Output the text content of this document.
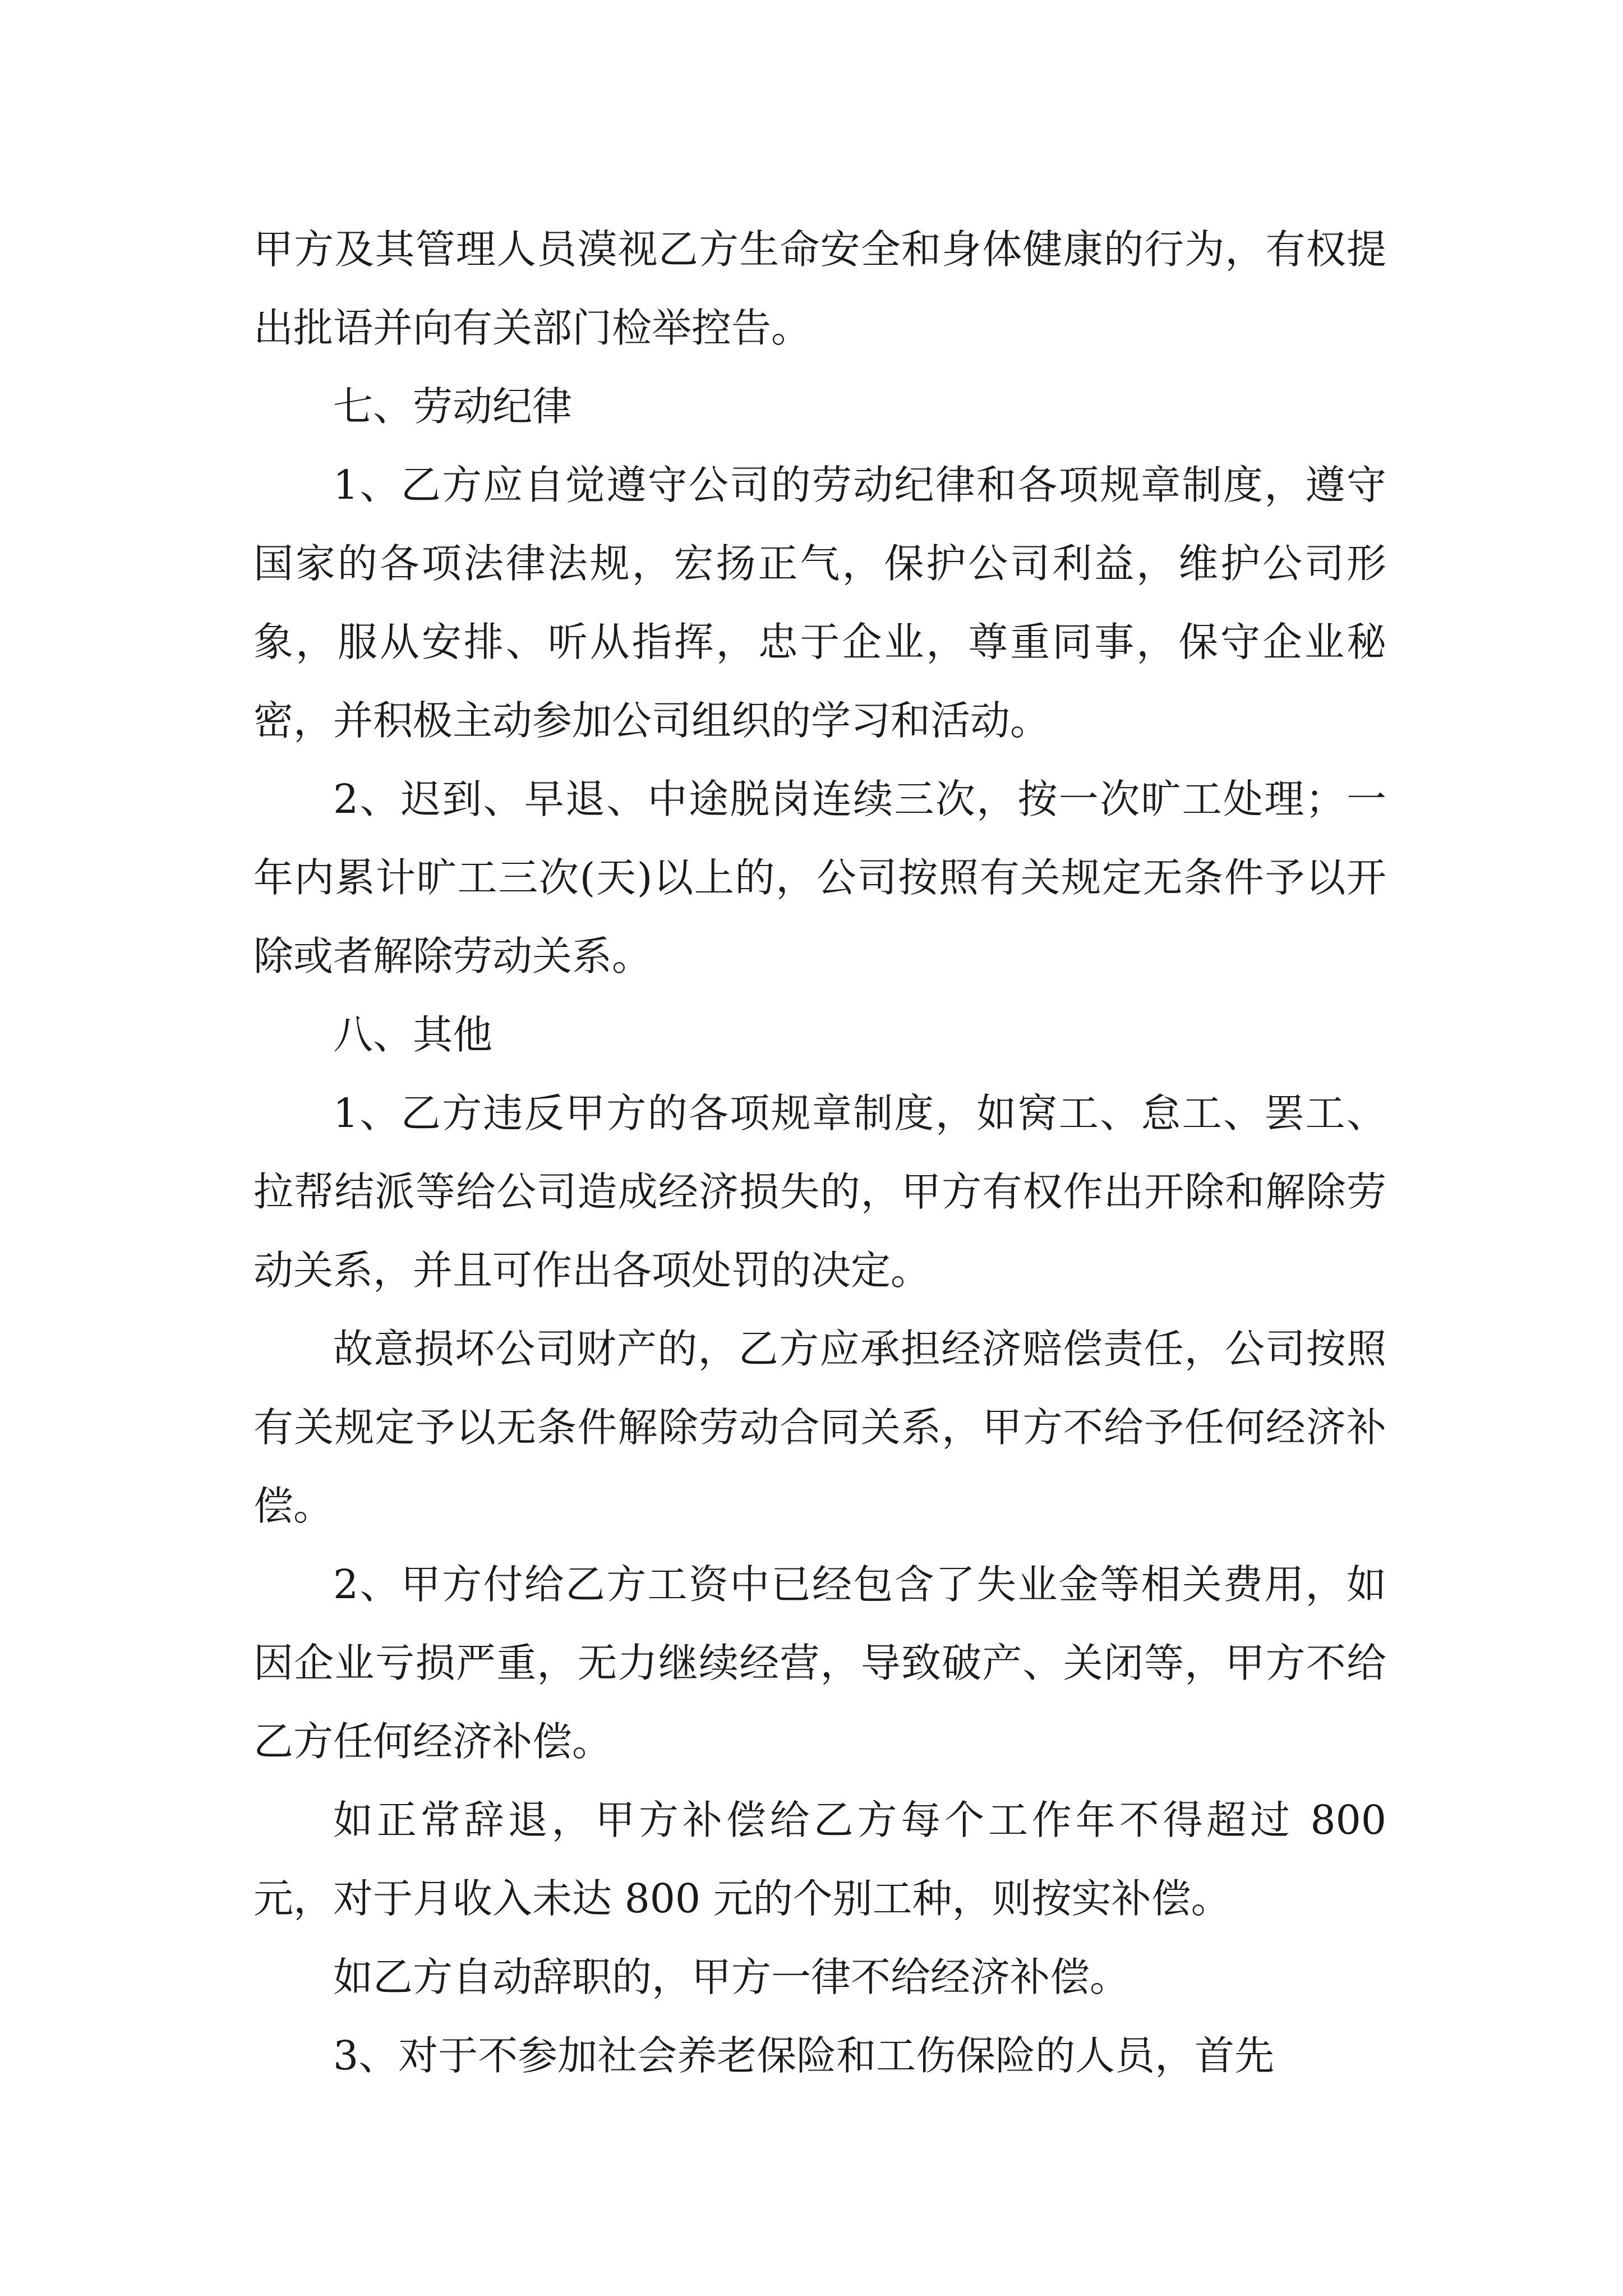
甲方及其管理人员漠视乙方生命安全和身体健康的行为，有权提出批语并向有关部门检举控告。

七、劳动纪律

1、乙方应自觉遵守公司的劳动纪律和各项规章制度，遵守国家的各项法律法规，宏扬正气，保护公司利益，维护公司形象，服从安排、听从指挥，忠于企业，尊重同事，保守企业秘密，并积极主动参加公司组织的学习和活动。

2、迟到、早退、中途脱岗连续三次，按一次旷工处理；一年内累计旷工三次(天)以上的，公司按照有关规定无条件予以开除或者解除劳动关系。

八、其他

1、乙方违反甲方的各项规章制度，如窝工、怠工、罢工、拉帮结派等给公司造成经济损失的，甲方有权作出开除和解除劳动关系，并且可作出各项处罚的决定。

故意损坏公司财产的，乙方应承担经济赔偿责任，公司按照有关规定予以无条件解除劳动合同关系，甲方不给予任何经济补偿。

2、甲方付给乙方工资中已经包含了失业金等相关费用，如因企业亏损严重，无力继续经营，导致破产、关闭等，甲方不给乙方任何经济补偿。

如正常辞退，甲方补偿给乙方每个工作年不得超过 800 元，对于月收入未达 800 元的个别工种，则按实补偿。

如乙方自动辞职的，甲方一律不给经济补偿。

3、对于不参加社会养老保险和工伤保险的人员，首先
